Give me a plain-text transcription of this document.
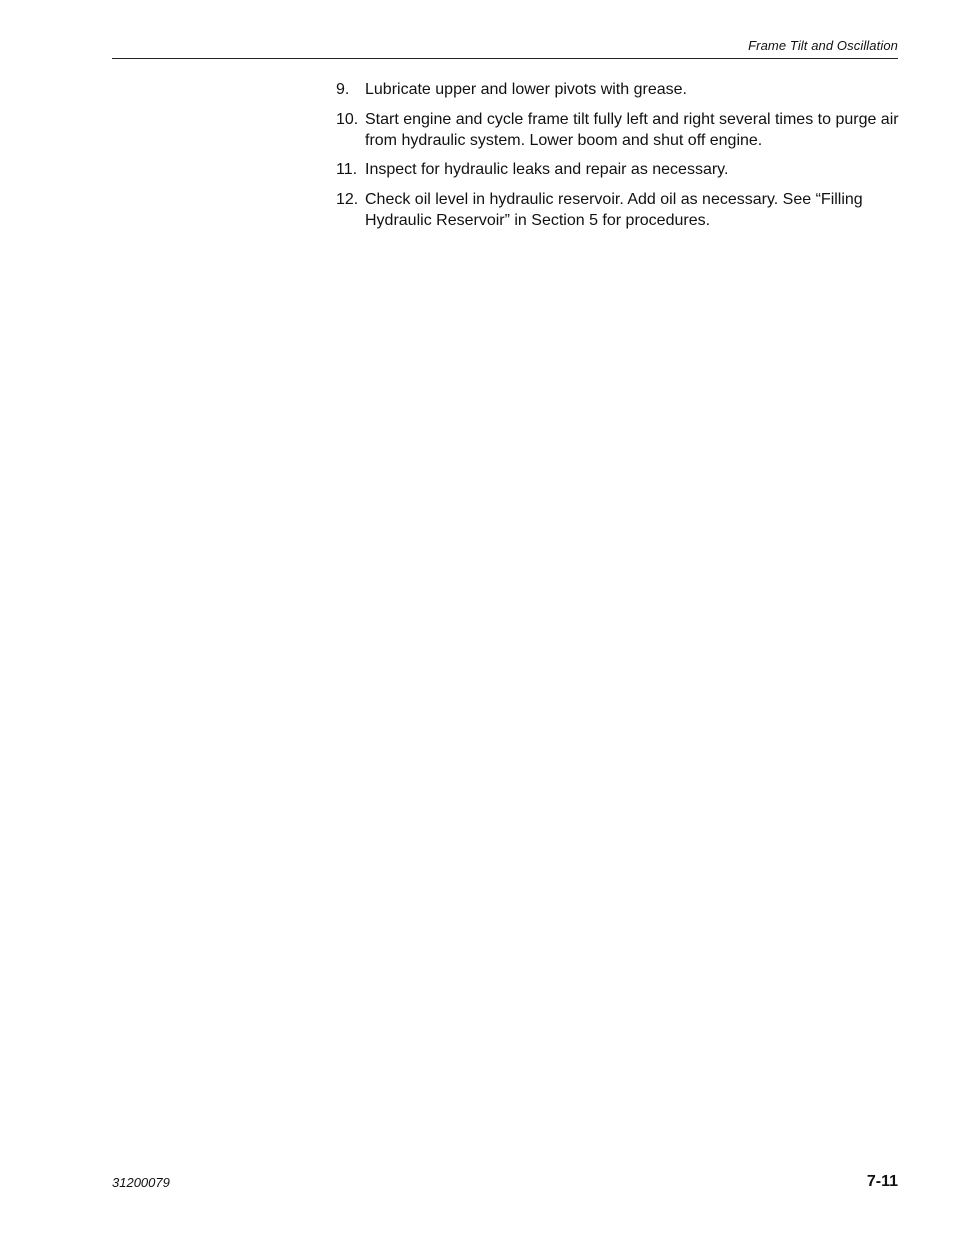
Frame Tilt and Oscillation
9. Lubricate upper and lower pivots with grease.
10. Start engine and cycle frame tilt fully left and right several times to purge air from hydraulic system. Lower boom and shut off engine.
11. Inspect for hydraulic leaks and repair as necessary.
12. Check oil level in hydraulic reservoir. Add oil as necessary. See “Filling Hydraulic Reservoir” in Section 5 for procedures.
31200079	7-11
